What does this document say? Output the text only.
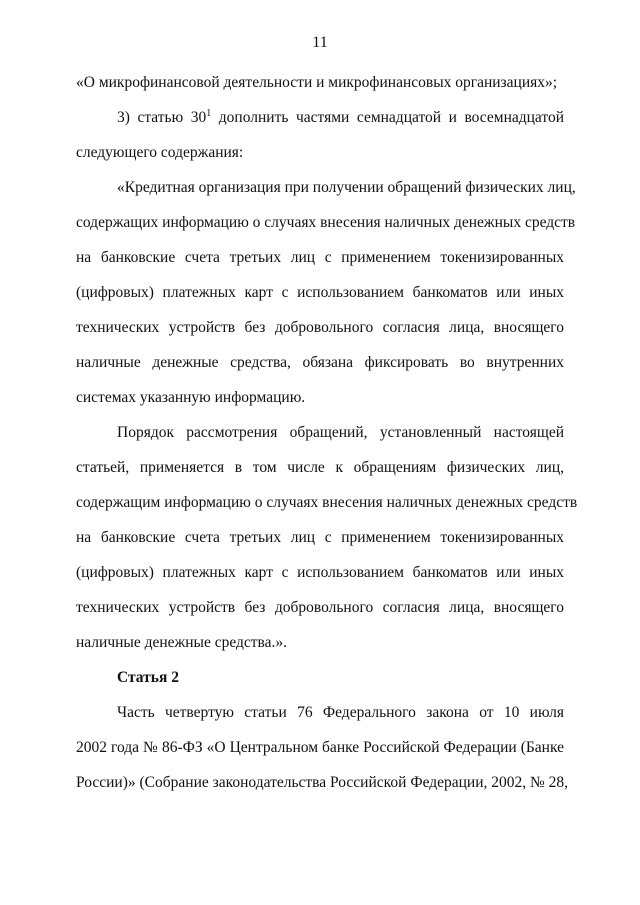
11
«О микрофинансовой деятельности и микрофинансовых организациях»;
3) статью $30^1$ дополнить частями семнадцатой и восемнадцатой
следующего содержания:
«Кредитная организация при получении обращений физических лиц,
содержащих информацию о случаях внесения наличных денежных средств
на банковские счета третьих лиц с применением токенизированных
(цифровых) платежных карт с использованием банкоматов или иных
технических устройств без добровольного согласия лица, вносящего
наличные денежные средства, обязана фиксировать во внутренних
системах указанную информацию.
Порядок рассмотрения обращений, установленный настоящей
статьей, применяется в том числе к обращениям физических лиц,
содержащим информацию о случаях внесения наличных денежных средств
на банковские счета третьих лиц с применением токенизированных
(цифровых) платежных карт с использованием банкоматов или иных
технических устройств без добровольного согласия лица, вносящего
наличные денежные средства.».
Статья 2
Часть четвертую статьи 76 Федерального закона от 10 июля
2002 года № 86-ФЗ «О Центральном банке Российской Федерации (Банке
России)» (Собрание законодательства Российской Федерации, 2002, № 28,
